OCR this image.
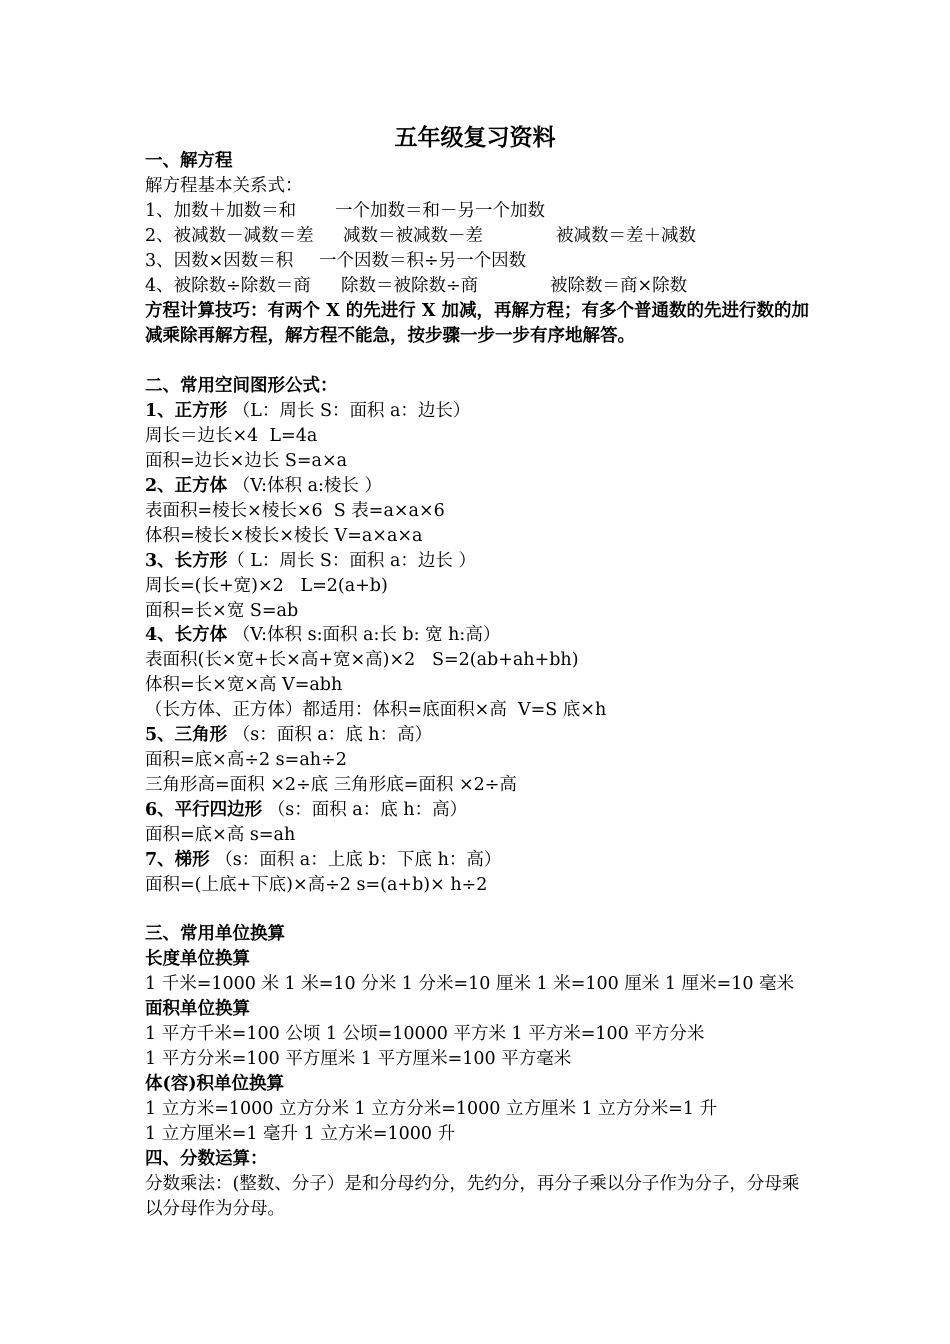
五年级复习资料
一、解方程
解方程基本关系式：

1、加数＋加数＝和

一个加数＝和－另一个加数

2、被减数－减数＝差

减数＝被减数－差

	被减数＝差＋减数

3、因数×因数＝积

一个因数＝积÷另一个因数

4、被除数÷除数＝商

除数＝被除数÷商

	被除数＝商×除数

方程计算技巧：有两个 X 的先进行 X 加减，再解方程；有多个普通数的先进行数的加减乘除再解方程，解方程不能急，按步骤一步一步有序地解答。
二、常用空间图形公式：
1、正方形 （L：周长 S：面积 a：边长）
周长＝边长×4  L=4a
面积=边长×边长 S=a×a
2、正方体 （V:体积 a:棱长 ）
表面积=棱长×棱长×6  S 表=a×a×6
体积=棱长×棱长×棱长 V=a×a×a
3、长方形（ L：周长 S：面积 a：边长 ）
周长=(长+宽)×2   L=2(a+b)
面积=长×宽 S=ab
4、长方体 （V:体积 s:面积 a:长 b: 宽 h:高）
表面积(长×宽+长×高+宽×高)×2   S=2(ab+ah+bh)
体积=长×宽×高 V=abh
（长方体、正方体）都适用：体积=底面积×高  V=S 底×h
5、三角形 （s：面积 a：底 h：高）
面积=底×高÷2 s=ah÷2
三角形高=面积 ×2÷底 三角形底=面积 ×2÷高
6、平行四边形 （s：面积 a：底 h：高）
面积=底×高 s=ah
7、梯形 （s：面积 a：上底 b：下底 h：高）
面积=(上底+下底)×高÷2 s=(a+b)× h÷2
三、常用单位换算
长度单位换算
1 千米=1000 米 1 米=10 分米 1 分米=10 厘米 1 米=100 厘米 1 厘米=10 毫米
面积单位换算
1 平方千米=100 公顷 1 公顷=10000 平方米 1 平方米=100 平方分米
1 平方分米=100 平方厘米 1 平方厘米=100 平方毫米
体(容)积单位换算
1 立方米=1000 立方分米 1 立方分米=1000 立方厘米 1 立方分米=1 升
1 立方厘米=1 毫升 1 立方米=1000 升
四、分数运算：
分数乘法：(整数、分子）是和分母约分，先约分，再分子乘以分子作为分子，分母乘以分母作为分母。
